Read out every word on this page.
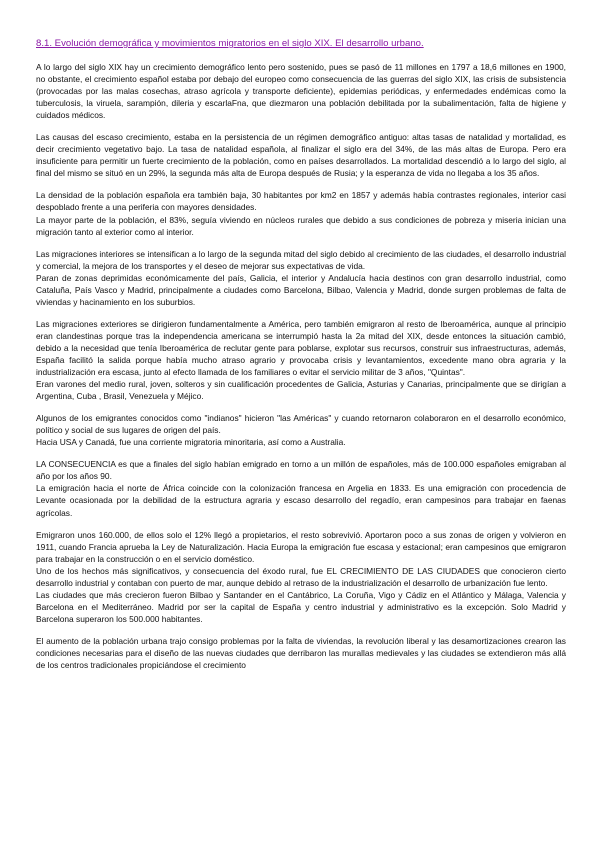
8.1. Evolución demográfica y movimientos migratorios en el siglo XIX. El desarrollo urbano.

A lo largo del siglo XIX hay un crecimiento demográfico lento pero sostenido, pues se pasó de 11 millones en 1797 a 18,6 millones en 1900, no obstante, el crecimiento español estaba por debajo del europeo como consecuencia de las guerras del siglo XIX, las crisis de subsistencia (provocadas por las malas cosechas, atraso agrícola y transporte deficiente), epidemias periódicas, y enfermedades endémicas como la tuberculosis, la viruela, sarampión, dileria y escarlaFna, que diezmaron una población debilitada por la subalimentación, falta de higiene y cuidados médicos.

Las causas del escaso crecimiento, estaba en la persistencia de un régimen demográfico antiguo: altas tasas de natalidad y mortalidad, es decir crecimiento vegetativo bajo. La tasa de natalidad española, al finalizar el siglo era del 34%, de las más altas de Europa. Pero era insuficiente para permitir un fuerte crecimiento de la población, como en países desarrollados. La mortalidad descendió a lo largo del siglo, al final del mismo se situó en un 29%, la segunda más alta de Europa después de Rusia; y la esperanza de vida no llegaba a los 35 años.

La densidad de la población española era también baja, 30 habitantes por km2 en 1857 y además había contrastes regionales, interior casi despoblado frente a una periferia con mayores densidades.

La mayor parte de la población, el 83%, seguía viviendo en núcleos rurales que debido a sus condiciones de pobreza y miseria inician una migración tanto al exterior como al interior.

Las migraciones interiores se intensifican a lo largo de la segunda mitad del siglo debido al crecimiento de las ciudades, el desarrollo industrial y comercial, la mejora de los transportes y el deseo de mejorar sus expectativas de vida.

Paran de zonas deprimidas económicamente del país, Galicia, el interior y Andalucía hacia destinos con gran desarrollo industrial, como Cataluña, País Vasco y Madrid, principalmente a ciudades como Barcelona, Bilbao, Valencia y Madrid, donde surgen problemas de falta de viviendas y hacinamiento en los suburbios.

Las migraciones exteriores se dirigieron fundamentalmente a América, pero también emigraron al resto de Iberoamérica, aunque al principio eran clandestinas porque tras la independencia americana se interrumpió hasta la 2a mitad del XIX, desde entonces la situación cambió, debido a la necesidad que tenía Iberoamérica de reclutar gente para poblarse, explotar sus recursos, construir sus infraestructuras, además, España facilitó la salida porque había mucho atraso agrario y provocaba crisis y levantamientos, excedente mano obra agraria y la industrialización era escasa, junto al efecto llamada de los familiares o evitar el servicio militar de 3 años, "Quintas".

Eran varones del medio rural, joven, solteros y sin cualificación procedentes de Galicia, Asturias y Canarias, principalmente que se dirigían a Argentina, Cuba , Brasil, Venezuela y Méjico.

Algunos de los emigrantes conocidos como "indianos" hicieron "las Américas" y cuando retornaron colaboraron en el desarrollo económico, político y social de sus lugares de origen del país.

Hacia USA y Canadá, fue una corriente migratoria minoritaria, así como a Australia.

LA CONSECUENCIA es que a finales del siglo habían emigrado en torno a un millón de españoles, más de 100.000 españoles emigraban al año por los años 90.

La emigración hacia el norte de África coincide con la colonización francesa en Argelia en 1833. Es una emigración con procedencia de Levante ocasionada por la debilidad de la estructura agraria y escaso desarrollo del regadío, eran campesinos para trabajar en faenas agrícolas.

Emigraron unos 160.000, de ellos solo el 12% llegó a propietarios, el resto sobrevivió. Aportaron poco a sus zonas de origen y volvieron en 1911, cuando Francia aprueba la Ley de Naturalización. Hacia Europa la emigración fue escasa y estacional; eran campesinos que emigraron para trabajar en la construcción o en el servicio doméstico.

Uno de los hechos más significativos, y consecuencia del éxodo rural, fue EL CRECIMIENTO DE LAS CIUDADES que conocieron cierto desarrollo industrial y contaban con puerto de mar, aunque debido al retraso de la industrialización el desarrollo de urbanización fue lento.

Las ciudades que más crecieron fueron Bilbao y Santander en el Cantábrico, La Coruña, Vigo y Cádiz en el Atlántico y Málaga, Valencia y Barcelona en el Mediterráneo. Madrid por ser la capital de España y centro industrial y administrativo es la excepción. Solo Madrid y Barcelona superaron los 500.000 habitantes.

El aumento de la población urbana trajo consigo problemas por la falta de viviendas, la revolución liberal y las desamortizaciones crearon las condiciones necesarias para el diseño de las nuevas ciudades que derribaron las murallas medievales y las ciudades se extendieron más allá de los centros tradicionales propiciándose el crecimiento
